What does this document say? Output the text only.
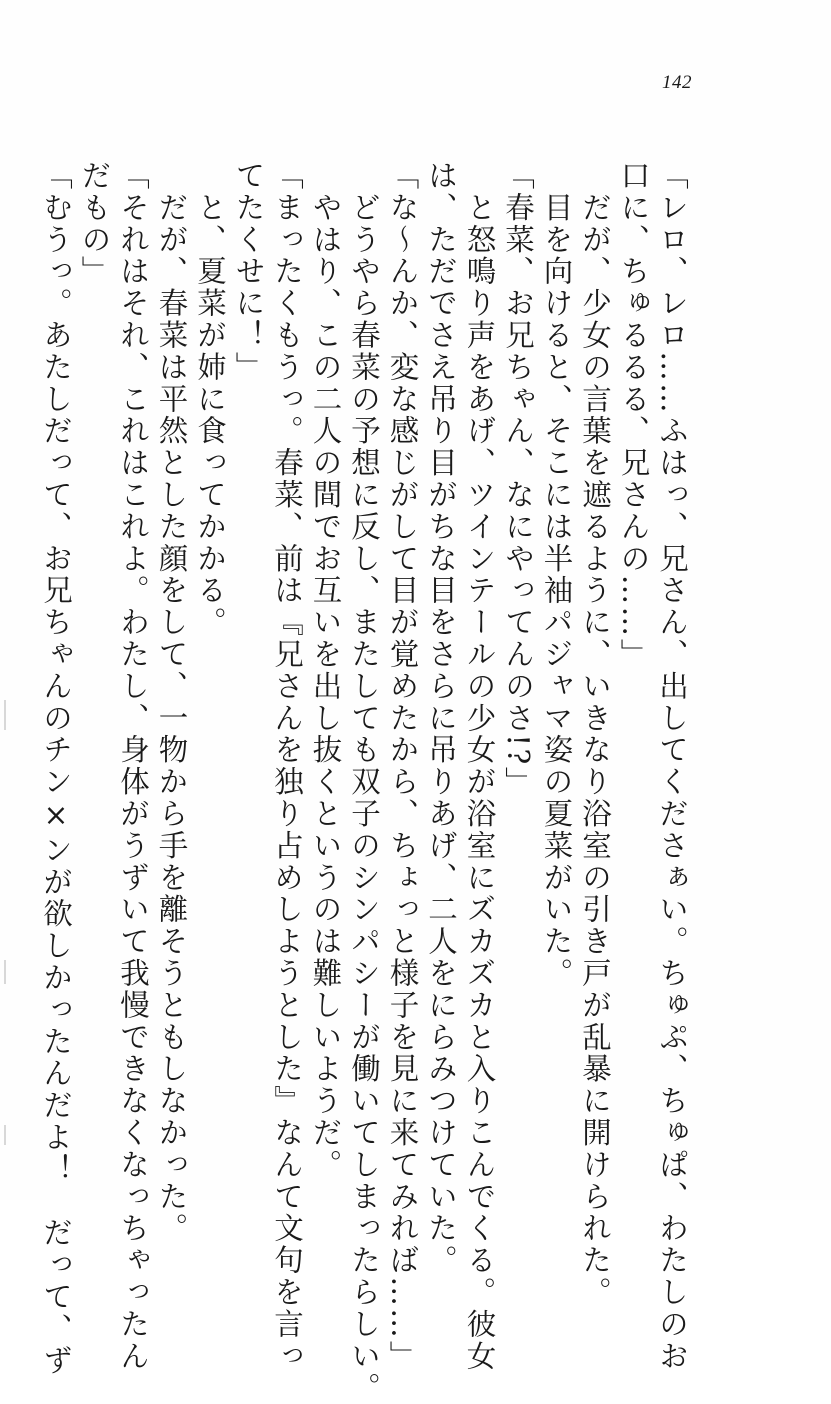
142
「レロ、レロ……ふはっ、兄さん、出してくださぁい。ちゅぷ、ちゅぱ、わたしのお
口に、ちゅるるる、兄さんの……」
　だが、少女の言葉を遮るように、いきなり浴室の引き戸が乱暴に開けられた。
　目を向けると、そこには半袖パジャマ姿の夏菜がいた。
「春菜、お兄ちゃん、なにやってんのさ!?」
　と怒鳴り声をあげ、ツインテールの少女が浴室にズカズカと入りこんでくる。彼女
は、ただでさえ吊り目がちな目をさらに吊りあげ、二人をにらみつけていた。
「な～んか、変な感じがして目が覚めたから、ちょっと様子を見に来てみれば……」
　どうやら春菜の予想に反し、またしても双子のシンパシーが働いてしまったらしい。
　やはり、この二人の間でお互いを出し抜くというのは難しいようだ。
「まったくもうっ。春菜、前は『兄さんを独り占めしようとした』なんて文句を言っ
てたくせに！」
　と、夏菜が姉に食ってかかる。
　だが、春菜は平然とした顔をして、一物から手を離そうともしなかった。
「それはそれ、これはこれよ。わたし、身体がうずいて我慢できなくなっちゃったん
だもの」
「むうっ。あたしだって、お兄ちゃんのチン×ンが欲しかったんだよ！　だって、ず
